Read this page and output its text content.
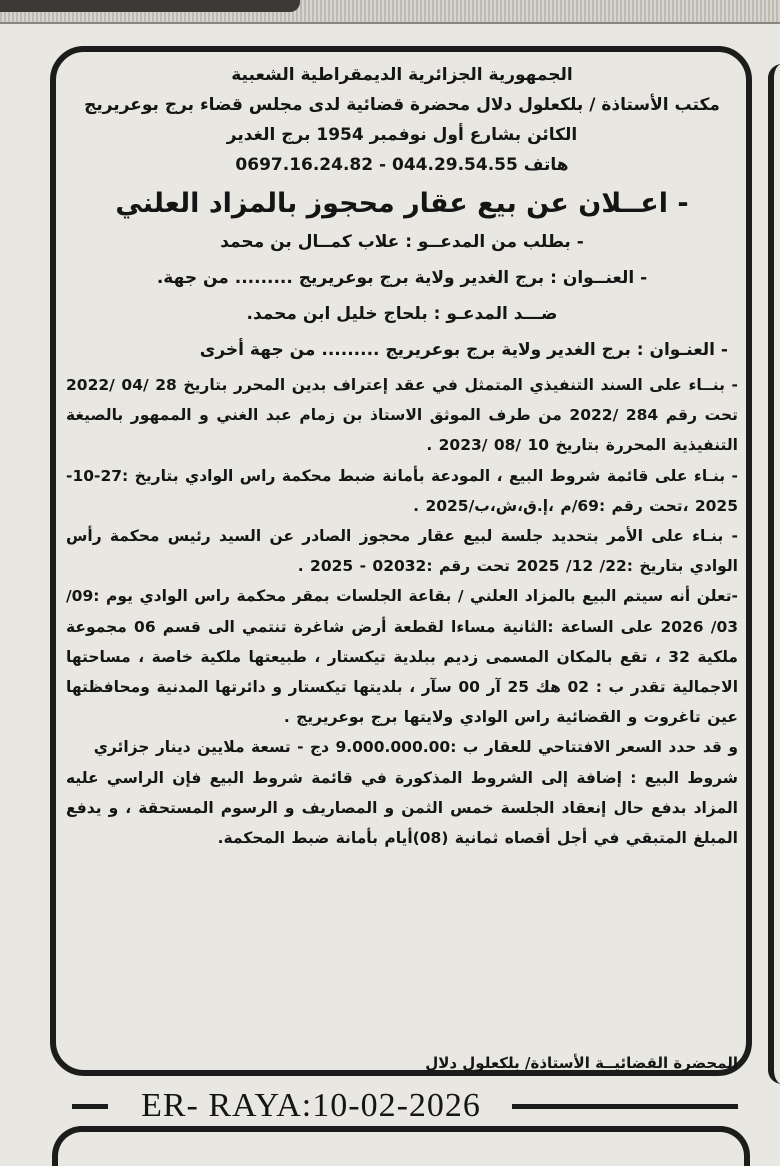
الجمهورية الجزائرية الديمقراطية الشعبية

مكتب الأستاذة / بلكعلول دلال محضرة قضائية لدى مجلس قضاء برج بوعريريج

الكائن بشارع أول نوفمبر 1954 برج الغدير

هاتف 044.29.54.55 - 0697.16.24.82

- اعــلان عن بيع عقار محجوز بالمزاد العلني

- بطلب من المدعــو : علاب كمــال بن محمد

- العنــوان : برج الغدير ولاية برج بوعريريج ......... من جهة.

ضـــد المدعـو : بلحاج خليل ابن محمد.

- العنـوان : برج الغدير ولاية برج بوعريريج ......... من جهة أخرى

- بنــاء على السند التنفيذي المتمثل في عقد إعتراف بدين المحرر بتاريخ 28 /04 /2022 تحت رقم 284 /2022 من طرف الموثق الاستاذ بن زمام عبد الغني و الممهور بالصيغة التنفيذية المحررة بتاريخ 10 /08 /2023 .

- بنـاء على قائمة شروط البيع ، المودعة بأمانة ضبط محكمة راس الوادي بتاريخ :27-10-2025 ،تحت رقم :69/م ،إ.ق،ش،ب/2025 .

- بنـاء على الأمر بتحديد جلسة لبيع عقار محجوز الصادر عن السيد رئيس محكمة رأس الوادي بتاريخ :22/ 12/ 2025 تحت رقم :02032 - 2025 .

-تعلن أنه سيتم البيع بالمزاد العلني / بقاعة الجلسات بمقر محكمة راس الوادي يوم :09/ 03/ 2026 على الساعة :الثانية مساءا لقطعة أرض شاغرة تنتمي الى قسم 06 مجموعة ملكية 32 ، تقع بالمكان المسمى زديم ببلدية تيكستار ، طبيعتها ملكية خاصة ، مساحتها الاجمالية تقدر ب : 02 هك 25 آر 00 سآر ، بلديتها تيكستار و دائرتها المدنية ومحافظتها عين تاغروت و القضائية راس الوادي ولايتها برج بوعريريج .

و قد حدد السعر الافتتاحي للعقار ب :9.000.000.00 دج - تسعة ملايين دينار جزائري

شروط البيع : إضافة إلى الشروط المذكورة في قائمة شروط البيع فإن الراسي عليه المزاد بدفع حال إنعقاد الجلسة خمس الثمن و المصاريف و الرسوم المستحقة ، و يدفع المبلغ المتبقي في أجل أقصاه ثمانية (08)أيام بأمانة ضبط المحكمة.

المحضرة القضائيــة الأستاذة/ بلكعلول دلال
ER- RAYA:10-02-2026
